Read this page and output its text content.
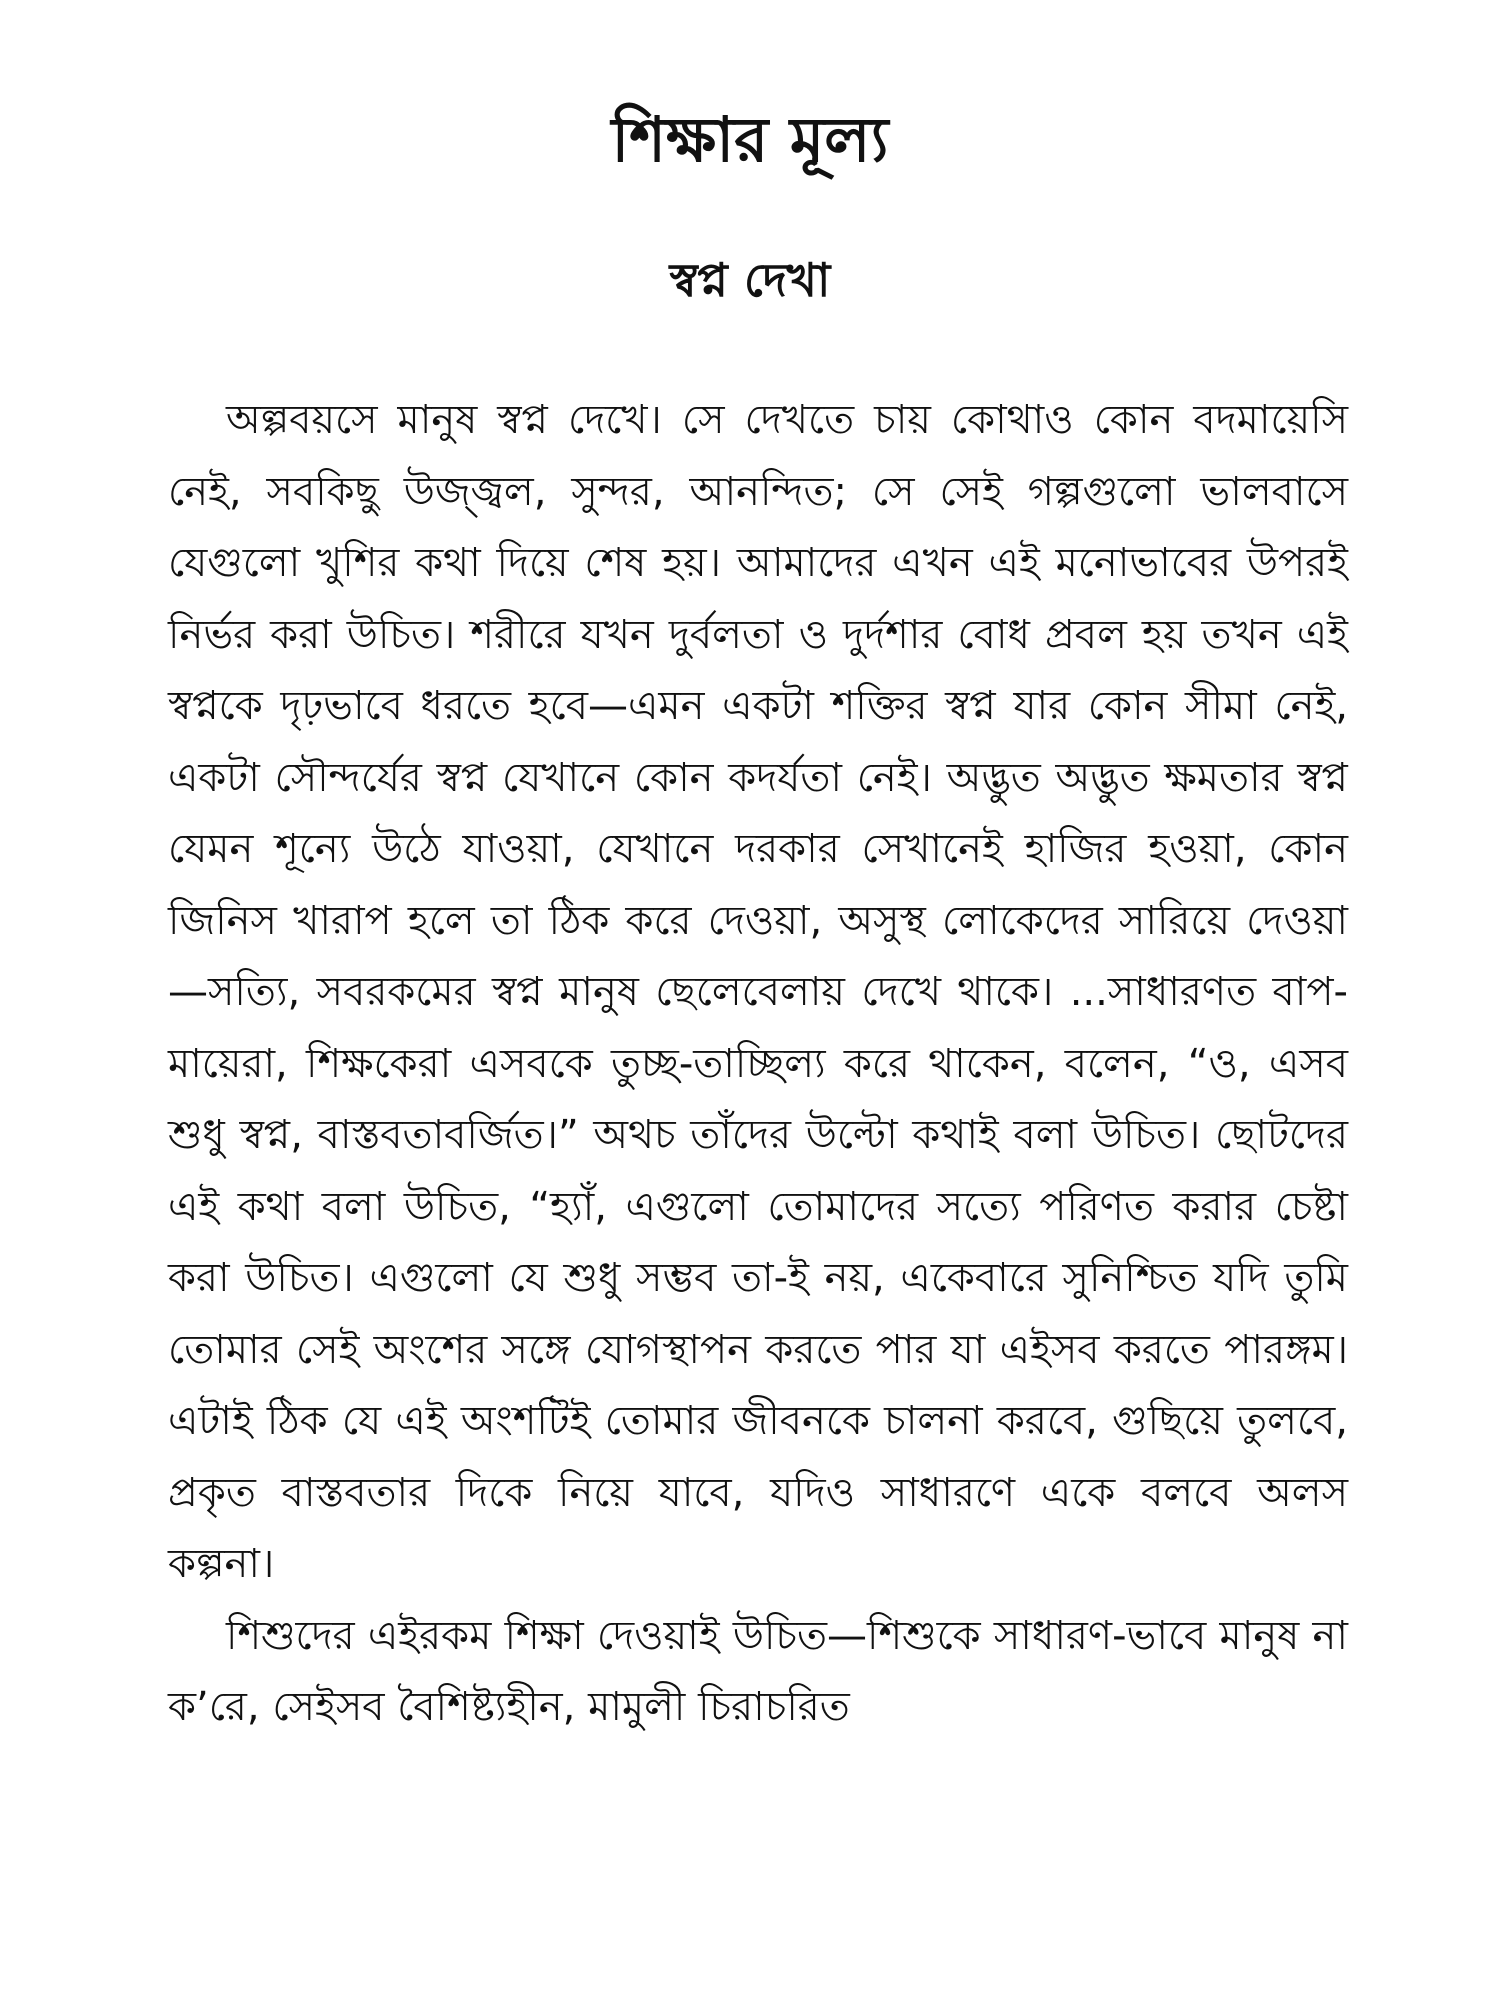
শিক্ষার মূল্য
স্বপ্ন দেখা

অল্পবয়সে মানুষ স্বপ্ন দেখে। সে দেখতে চায় কোথাও কোন বদমায়েসি নেই, সবকিছু উজ্জ্বল, সুন্দর, আনন্দিত; সে সেই গল্পগুলো ভালবাসে যেগুলো খুশির কথা দিয়ে শেষ হয়। আমাদের এখন এই মনোভাবের উপরই নির্ভর করা উচিত। শরীরে যখন দুর্বলতা ও দুর্দশার বোধ প্রবল হয় তখন এই স্বপ্নকে দৃঢ়ভাবে ধরতে হবে—এমন একটা শক্তির স্বপ্ন যার কোন সীমা নেই, একটা সৌন্দর্যের স্বপ্ন যেখানে কোন কদর্যতা নেই। অদ্ভুত অদ্ভুত ক্ষমতার স্বপ্ন যেমন শূন্যে উঠে যাওয়া, যেখানে দরকার সেখানেই হাজির হওয়া, কোন জিনিস খারাপ হলে তা ঠিক করে দেওয়া, অসুস্থ লোকেদের সারিয়ে দেওয়া—সত্যি, সবরকমের স্বপ্ন মানুষ ছেলেবেলায় দেখে থাকে। ...সাধারণত বাপ-মায়েরা, শিক্ষকেরা এসবকে তুচ্ছ-তাচ্ছিল্য করে থাকেন, বলেন, “ও, এসব শুধু স্বপ্ন, বাস্তবতাবর্জিত।” অথচ তাঁদের উল্টো কথাই বলা উচিত। ছোটদের এই কথা বলা উচিত, “হ্যাঁ, এগুলো তোমাদের সত্যে পরিণত করার চেষ্টা করা উচিত। এগুলো যে শুধু সম্ভব তা-ই নয়, একেবারে সুনিশ্চিত যদি তুমি তোমার সেই অংশের সঙ্গে যোগস্থাপন করতে পার যা এইসব করতে পারঙ্গম। এটাই ঠিক যে এই অংশটিই তোমার জীবনকে চালনা করবে, গুছিয়ে তুলবে, প্রকৃত বাস্তবতার দিকে নিয়ে যাবে, যদিও সাধারণে একে বলবে অলস কল্পনা।

শিশুদের এইরকম শিক্ষা দেওয়াই উচিত—শিশুকে সাধারণ-ভাবে মানুষ না ক’রে, সেইসব বৈশিষ্ট্যহীন, মামুলী চিরাচরিত
